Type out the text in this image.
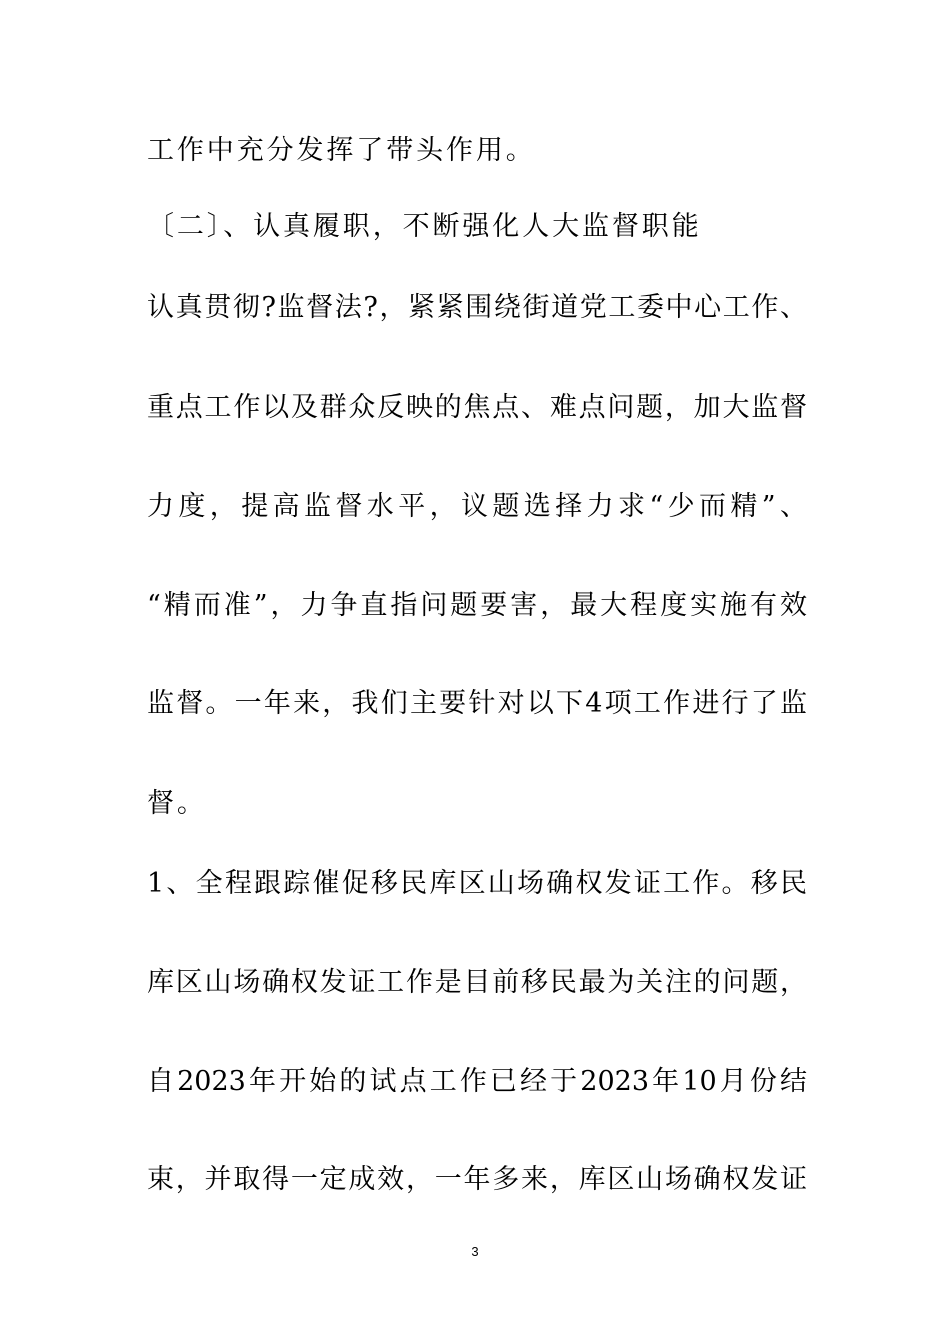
工作中充分发挥了带头作用。
〔二〕、认真履职，不断强化人大监督职能
认真贯彻?监督法?，紧紧围绕街道党工委中心工作、
重点工作以及群众反映的焦点、难点问题，加大监督
力度，提高监督水平，议题选择力求“少而精”、
“精而准”，力争直指问题要害，最大程度实施有效
监督。一年来，我们主要针对以下4项工作进行了监
督。
1、全程跟踪催促移民库区山场确权发证工作。移民
库区山场确权发证工作是目前移民最为关注的问题，
自2023年开始的试点工作已经于2023年10月份结
束，并取得一定成效，一年多来，库区山场确权发证
3
